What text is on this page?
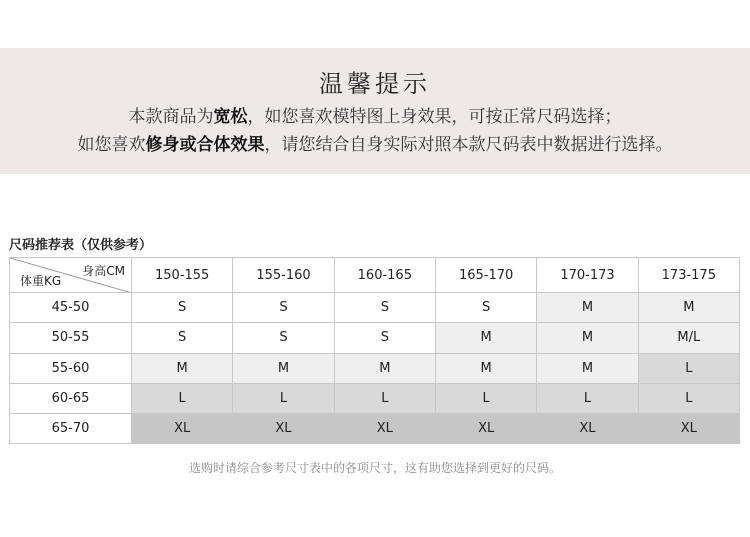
温馨提示
本款商品为宽松，如您喜欢模特图上身效果，可按正常尺码选择；
如您喜欢修身或合体效果，请您结合自身实际对照本款尺码表中数据进行选择。
尺码推荐表（仅供参考）
身高CM
体重KG	150-155	155-160	160-165	165-170	170-173	173-175
45-50	S	S	S	S	M	M
50-55	S	S	S	M	M	M/L
55-60	M	M	M	M	M	L
60-65	L	L	L	L	L	L
65-70	XL	XL	XL	XL	XL	XL
选购时请综合参考尺寸表中的各项尺寸，这有助您选择到更好的尺码。
